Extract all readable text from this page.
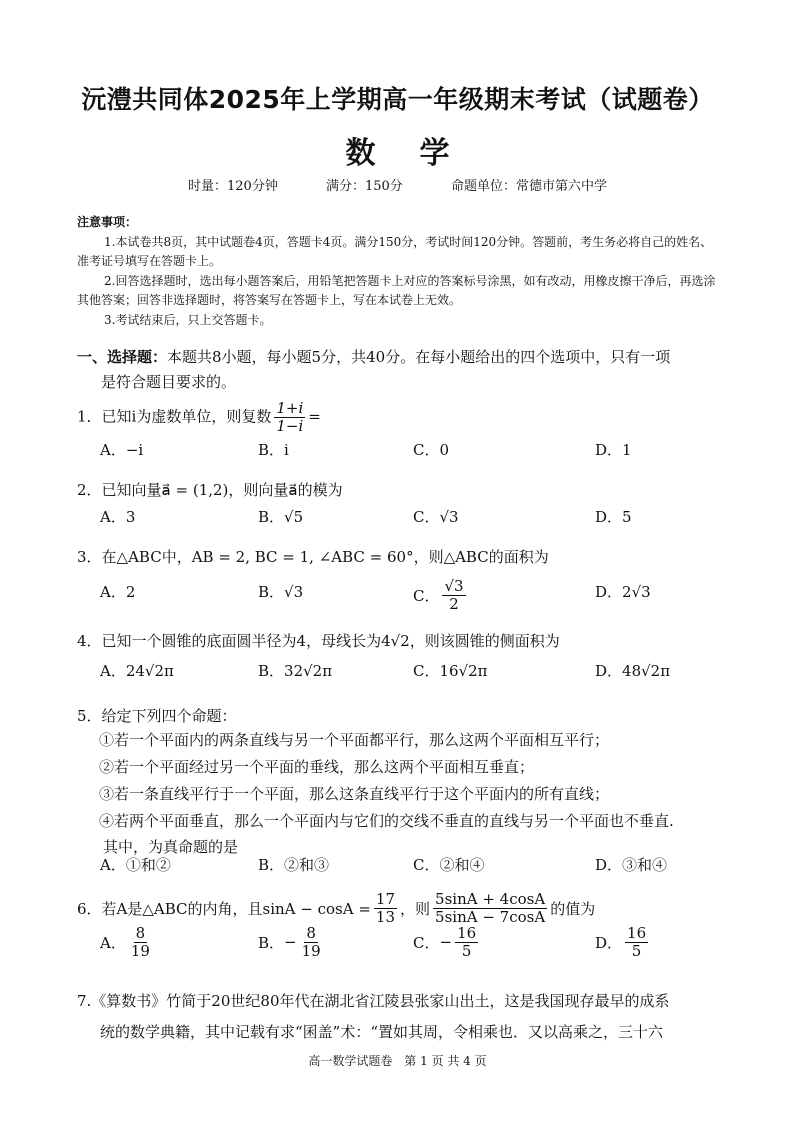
沅澧共同体2025年上学期高一年级期末考试（试题卷）
数 学
时量：120分钟	满分：150分	命题单位：常德市第六中学

注意事项：

1.本试卷共8页，其中试题卷4页，答题卡4页。满分150分，考试时间120分钟。答题前，考生务必将自己的姓名、准考证号填写在答题卡上。

2.回答选择题时，选出每小题答案后，用铅笔把答题卡上对应的答案标号涂黑，如有改动，用橡皮擦干净后，再选涂其他答案；回答非选择题时，将答案写在答题卡上，写在本试卷上无效。

3.考试结束后，只上交答题卡。

一、选择题：本题共8小题，每小题5分，共40分。在每小题给出的四个选项中，只有一项
是符合题目要求的。
1．已知i为虚数单位，则复数 $\frac{1+i}{1-i}$ =
A．−i	B．i	C．0	D．1
2．已知向量a⃗ = (1,2)，则向量a⃗的模为
A．3	B．√5	C．√3	D．5
3．在△ABC中，AB = 2, BC = 1, ∠ABC = 60°，则△ABC的面积为
A．2	B．√3	C． $\frac{√3}{2}$	D．2√3
4．已知一个圆锥的底面圆半径为4，母线长为4√2，则该圆锥的侧面积为
A．24√2π	B．32√2π	C．16√2π	D．48√2π
5．给定下列四个命题：
①若一个平面内的两条直线与另一个平面都平行，那么这两个平面相互平行；
②若一个平面经过另一个平面的垂线，那么这两个平面相互垂直；
③若一条直线平行于一个平面，那么这条直线平行于这个平面内的所有直线；
④若两个平面垂直，那么一个平面内与它们的交线不垂直的直线与另一个平面也不垂直.
其中，为真命题的是
A．①和②	B．②和③	C．②和④	D．③和④
6．若A是△ABC的内角，且$\sin A - \cos A = \frac{17}{13}$ ，则 $\frac{5\sin A + 4\cos A}{5\sin A - 7\cos A}$ 的值为
A． $\frac{8}{19}$	B． − $\frac{8}{19}$	C． − $\frac{16}{5}$	D． $\frac{16}{5}$
7.《算数书》竹简于20世纪80年代在湖北省江陵县张家山出土，这是我国现存最早的成系
统的数学典籍，其中记载有求“囷盖”术：“置如其周，令相乘也．又以高乘之，三十六
高一数学试题卷 第 1 页 共 4 页
